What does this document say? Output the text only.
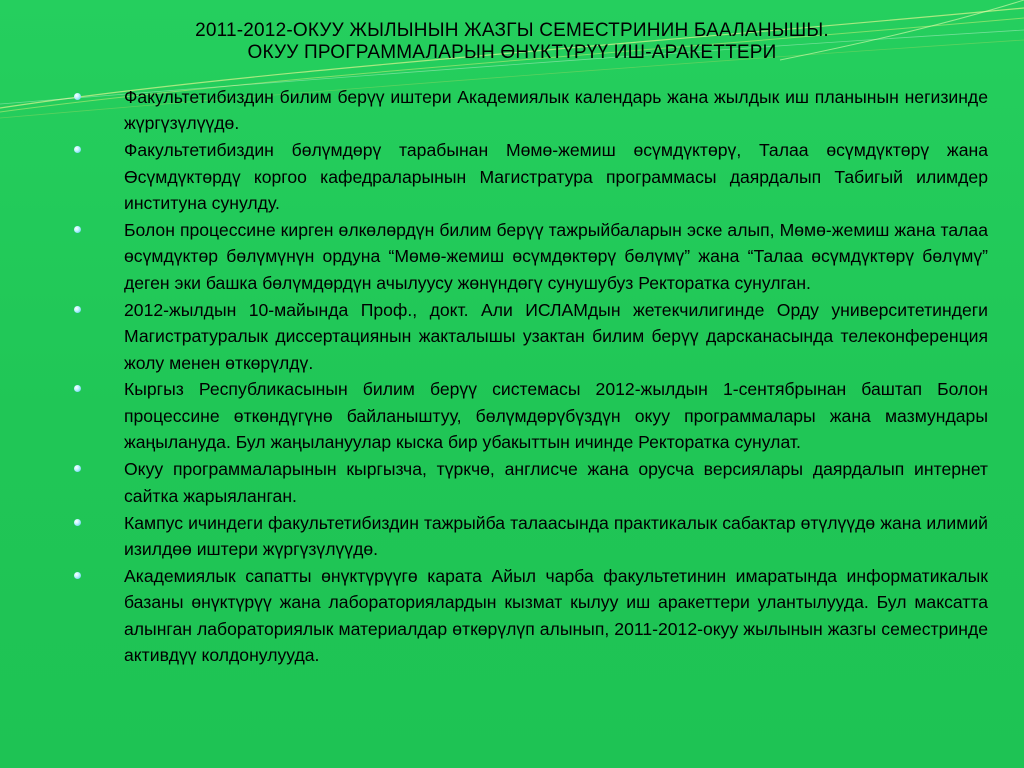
2011-2012-ОКУУ ЖЫЛЫНЫН ЖАЗГЫ СЕМЕСТРИНИН БААЛАНЫШЫ.
ОКУУ ПРОГРАММАЛАРЫН ӨНҮКТҮРҮҮ ИШ-АРАКЕТТЕРИ
Факультетибиздин билим берүү иштери Академиялык календарь жана жылдык иш планынын негизинде жүргүзүлүүдө.
Факультетибиздин бөлүмдөрү тарабынан Мөмө-жемиш өсүмдүктөрү, Талаа өсүмдүктөрү жана Өсүмдүктөрдү коргоо кафедраларынын Магистратура программасы даярдалып Табигый илимдер институна сунулду.
Болон процессине кирген өлкөлөрдүн билим берүү тажрыйбаларын эске алып, Мөмө-жемиш жана талаа өсүмдүктөр бөлүмүнүн ордуна “Мөмө-жемиш өсүмдөктөрү бөлүмү” жана “Талаа өсүмдүктөрү бөлүмү” деген эки башка бөлүмдөрдүн ачылуусу жөнүндөгү сунушубуз Ректоратка сунулган.
2012-жылдын 10-майында Проф., докт. Али ИСЛАМдын жетекчилигинде Орду университетиндеги Магистратуралык диссертациянын жакталышы узактан билим берүү дарсканасында телеконференция жолу менен өткөрүлдү.
Кыргыз Республикасынын билим берүү системасы 2012-жылдын 1-сентябрынан баштап Болон процессине өткөндүгүнө байланыштуу, бөлүмдөрүбүздүн окуу программалары жана мазмундары жаңылануда. Бул жаңылануулар кыска бир убакыттын ичинде Ректоратка сунулат.
Окуу программаларынын кыргызча, түркчө, англисче жана орусча версиялары даярдалып интернет сайтка жарыяланган.
Кампус ичиндеги факультетибиздин тажрыйба талаасында практикалык сабактар өтүлүүдө жана илимий изилдөө иштери жүргүзүлүүдө.
Академиялык сапатты өнүктүрүүгө карата Айыл чарба факультетинин имаратында информатикалык базаны өнүктүрүү жана лабораториялардын кызмат кылуу иш аракеттери улантылууда. Бул максатта алынган лабораториялык материалдар өткөрүлүп алынып, 2011-2012-окуу жылынын жазгы семестринде активдүү колдонулууда.
